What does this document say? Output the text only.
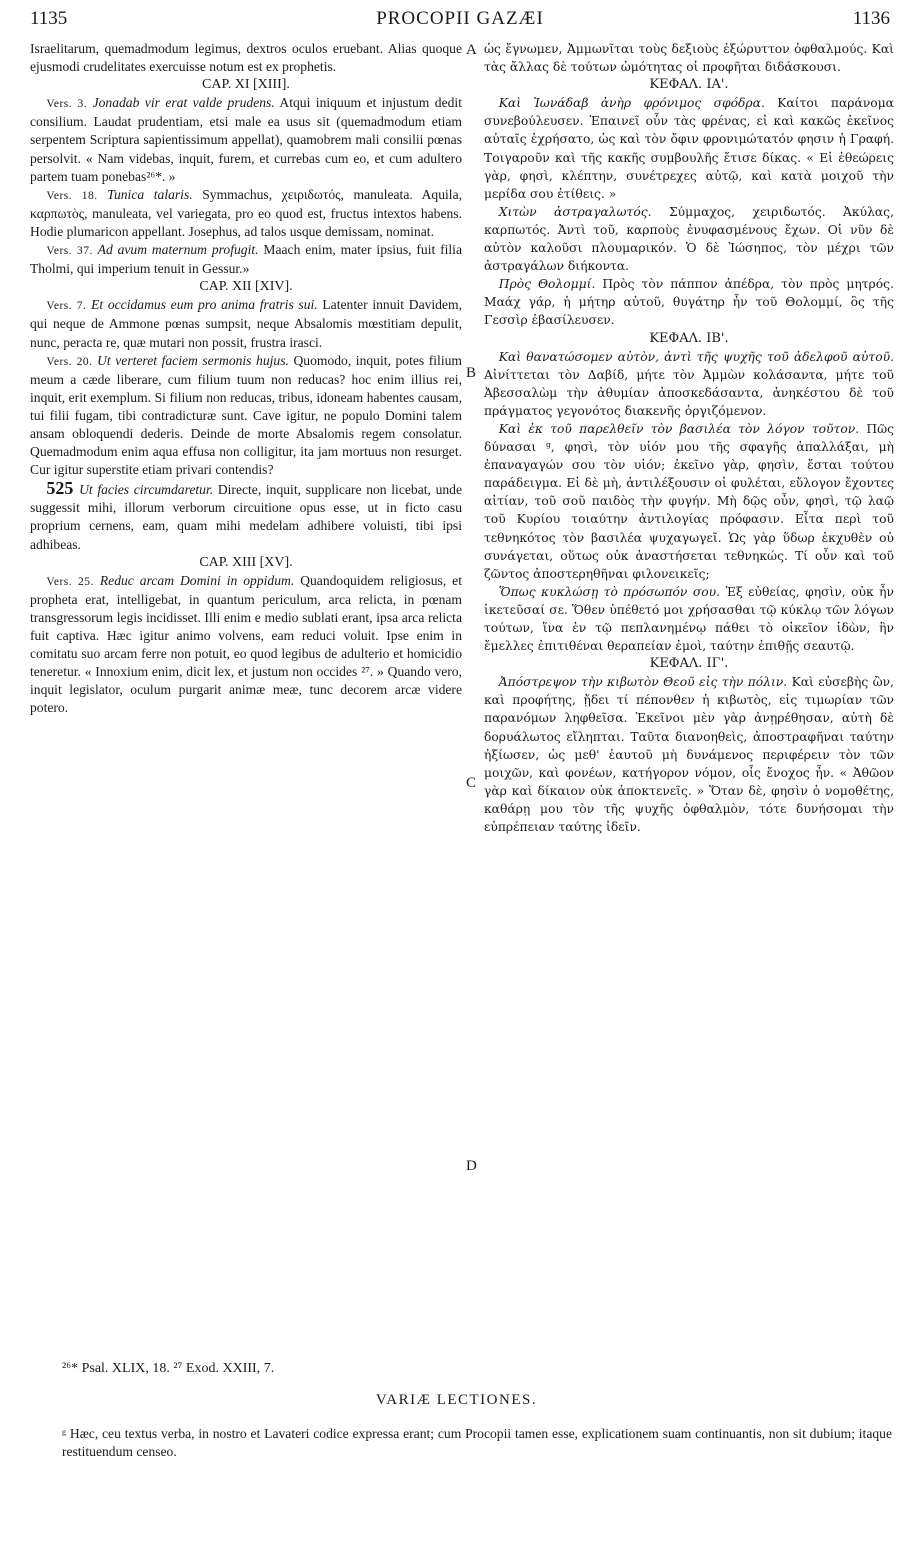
1135	PROCOPII GAZÆI	1136

Israelitarum, quemadmodum legimus, dextros oculos eruebant. Alias quoque ejusmodi crudelitates exercuisse notum est ex prophetis.

CAP. XI [XIII].

Vers. 3. Jonadab vir erat valde prudens. Atqui iniquum et injustum dedit consilium. Laudat prudentiam, etsi male ea usus sit (quemadmodum etiam serpentem Scriptura sapientissimum appellat), quamobrem mali consilii pœnas persolvit. « Nam videbas, inquit, furem, et currebas cum eo, et cum adultero partem tuam ponebas²⁶*. »

Vers. 18. Tunica talaris. Symmachus, χειριδωτός, manuleata. Aquila, καρπωτὸς, manuleata, vel variegata, pro eo quod est, fructus intextos habens. Hodie plumaricon appellant. Josephus, ad talos usque demissam, nominat.

Vers. 37. Ad avum maternum profugit. Maach enim, mater ipsius, fuit filia Tholmi, qui imperium tenuit in Gessur.»

CAP. XII [XIV].

Vers. 7. Et occidamus eum pro anima fratris sui. Latenter innuit Davidem, qui neque de Ammone pœnas sumpsit, neque Absalomis mœstitiam depulit, nunc, peracta re, quæ mutari non possit, frustra irasci.

Vers. 20. Ut verteret faciem sermonis hujus. Quomodo, inquit, potes filium meum a cæde liberare, cum filium tuum non reducas? hoc enim illius rei, inquit, erit exemplum. Si filium non reducas, tribus, idoneam habentes causam, tui filii fugam, tibi contradicturæ sunt. Cave igitur, ne populo Domini talem ansam obloquendi dederis. Deinde de morte Absalomis regem consolatur. Quemadmodum enim aqua effusa non colligitur, ita jam mortuus non resurget. Cur igitur superstite etiam privari contendis?

525 Ut facies circumdaretur. Directe, inquit, supplicare non licebat, unde suggessit mihi, illorum verborum circuitione opus esse, ut in ficto casu proprium cernens, eam, quam mihi medelam adhibere voluisti, tibi ipsi adhibeas.

CAP. XIII [XV].

Vers. 25. Reduc arcam Domini in oppidum. Quandoquidem religiosus, et propheta erat, intelligebat, in quantum periculum, arca relicta, in pœnam transgressorum legis incidisset. Illi enim e medio sublati erant, ipsa arca relicta fuit captiva. Hæc igitur animo volvens, eam reduci voluit. Ipse enim in comitatu suo arcam ferre non potuit, eo quod legibus de adulterio et homicidio teneretur. « Innoxium enim, dicit lex, et justum non occides ²⁷. » Quando vero, inquit legislator, oculum purgarit animæ meæ, tunc decorem arcæ videre potero.

ὡς ἔγνωμεν, Ἀμμωνῖται τοὺς δεξιοὺς ἐξώρυττον ὀφθαλμούς. Καὶ τὰς ἄλλας δὲ τούτων ὠμότητας οἱ προφῆται διδάσκουσι.

ΚΕΦΑΛ. ΙΑ'.

Καὶ Ἰωνάδαβ ἀνὴρ φρόνιμος σφόδρα. Καίτοι παράνομα συνεβούλευσεν. Ἐπαινεῖ οὖν τὰς φρένας, εἰ καὶ κακῶς ἐκεῖνος αὐταῖς ἐχρήσατο, ὡς καὶ τὸν ὄφιν φρονιμώτατόν φησιν ἡ Γραφή. Τοιγαροῦν καὶ τῆς κακῆς συμβουλῆς ἔτισε δίκας. « Εἰ ἐθεώρεις γὰρ, φησὶ, κλέπτην, συνέτρεχες αὐτῷ, καὶ κατὰ μοιχοῦ τὴν μερίδα σου ἐτίθεις. »

Χιτὼν ἀστραγαλωτός. Σύμμαχος, χειριδωτός. Ἀκύλας, καρπωτός. Ἀντὶ τοῦ, καρποὺς ἐνυφασμένους ἔχων. Οἱ νῦν δὲ αὐτὸν καλοῦσι πλουμαρικόν. Ὁ δὲ Ἰώσηπος, τὸν μέχρι τῶν ἀστραγάλων διήκοντα.

Πρὸς Θολομμί. Πρὸς τὸν πάππον ἀπέδρα, τὸν πρὸς μητρός. Μαάχ γάρ, ἡ μήτηρ αὐτοῦ, θυγάτηρ ἦν τοῦ Θολομμί, ὃς τῆς Γεσσὶρ ἐβασίλευσεν.

ΚΕΦΑΛ. ΙΒ'.

Καὶ θανατώσομεν αὐτὸν, ἀντὶ τῆς ψυχῆς τοῦ ἀδελφοῦ αὐτοῦ. Αἰνίττεται τὸν Δαβίδ, μήτε τὸν Ἀμμὼν κολάσαντα, μήτε τοῦ Ἀβεσσαλὼμ τὴν ἀθυμίαν ἀποσκεδάσαντα, ἀνηκέστου δὲ τοῦ πράγματος γεγονότος διακενῆς ὀργιζόμενον.

Καὶ ἐκ τοῦ παρελθεῖν τὸν βασιλέα τὸν λόγον τοῦτον. Πῶς δύνασαι ᵍ, φησὶ, τὸν υἱόν μου τῆς σφαγῆς ἀπαλλάξαι, μὴ ἐπαναγαγών σου τὸν υἱόν; ἐκεῖνο γὰρ, φησὶν, ἔσται τούτου παράδειγμα. Εἰ δὲ μὴ, ἀντιλέξουσιν οἱ φυλέται, εὔλογον ἔχοντες αἰτίαν, τοῦ σοῦ παιδὸς τὴν φυγήν. Μὴ δῷς οὖν, φησὶ, τῷ λαῷ τοῦ Κυρίου τοιαύτην ἀντιλογίας πρόφασιν. Εἶτα περὶ τοῦ τεθνηκότος τὸν βασιλέα ψυχαγωγεῖ. Ὡς γὰρ ὕδωρ ἐκχυθὲν οὐ συνάγεται, οὕτως οὐκ ἀναστήσεται τεθνηκώς. Τί οὖν καὶ τοῦ ζῶντος ἀποστερηθῆναι φιλονεικεῖς;

Ὅπως κυκλώσῃ τὸ πρόσωπόν σου. Ἐξ εὐθείας, φησὶν, οὐκ ἦν ἱκετεῦσαί σε. Ὅθεν ὑπέθετό μοι χρήσασθαι τῷ κύκλῳ τῶν λόγων τούτων, ἵνα ἐν τῷ πεπλανημένῳ πάθει τὸ οἰκεῖον ἰδὼν, ἣν ἔμελλες ἐπιτιθέναι θεραπείαν ἐμοὶ, ταύτην ἐπιθῇς σεαυτῷ.

ΚΕΦΑΛ. ΙΓ'.

Ἀπόστρεψον τὴν κιβωτὸν Θεοῦ εἰς τὴν πόλιν. Καὶ εὐσεβὴς ὢν, καὶ προφήτης, ᾔδει τί πέπονθεν ἡ κιβωτὸς, εἰς τιμωρίαν τῶν παρανόμων ληφθεῖσα. Ἐκεῖνοι μὲν γὰρ ἀνῃρέθησαν, αὐτὴ δὲ δορυάλωτος εἴληπται. Ταῦτα διανοηθεὶς, ἀποστραφῆναι ταύτην ἠξίωσεν, ὡς μεθ' ἑαυτοῦ μὴ δυνάμενος περιφέρειν τὸν τῶν μοιχῶν, καὶ φονέων, κατήγορον νόμον, οἷς ἔνοχος ἦν. « Ἀθῶον γὰρ καὶ δίκαιον οὐκ ἀποκτενεῖς. » Ὅταν δὲ, φησὶν ὁ νομοθέτης, καθάρῃ μου τὸν τῆς ψυχῆς ὀφθαλμὸν, τότε δυνήσομαι τὴν εὐπρέπειαν ταύτης ἰδεῖν.

A
B
C
D
²⁶* Psal. XLIX, 18. ²⁷ Exod. XXIII, 7.
VARIÆ LECTIONES.
ᵍ Hæc, ceu textus verba, in nostro et Lavateri codice expressa erant; cum Procopii tamen esse, explicationem suam continuantis, non sit dubium; itaque restituendum censeo.
